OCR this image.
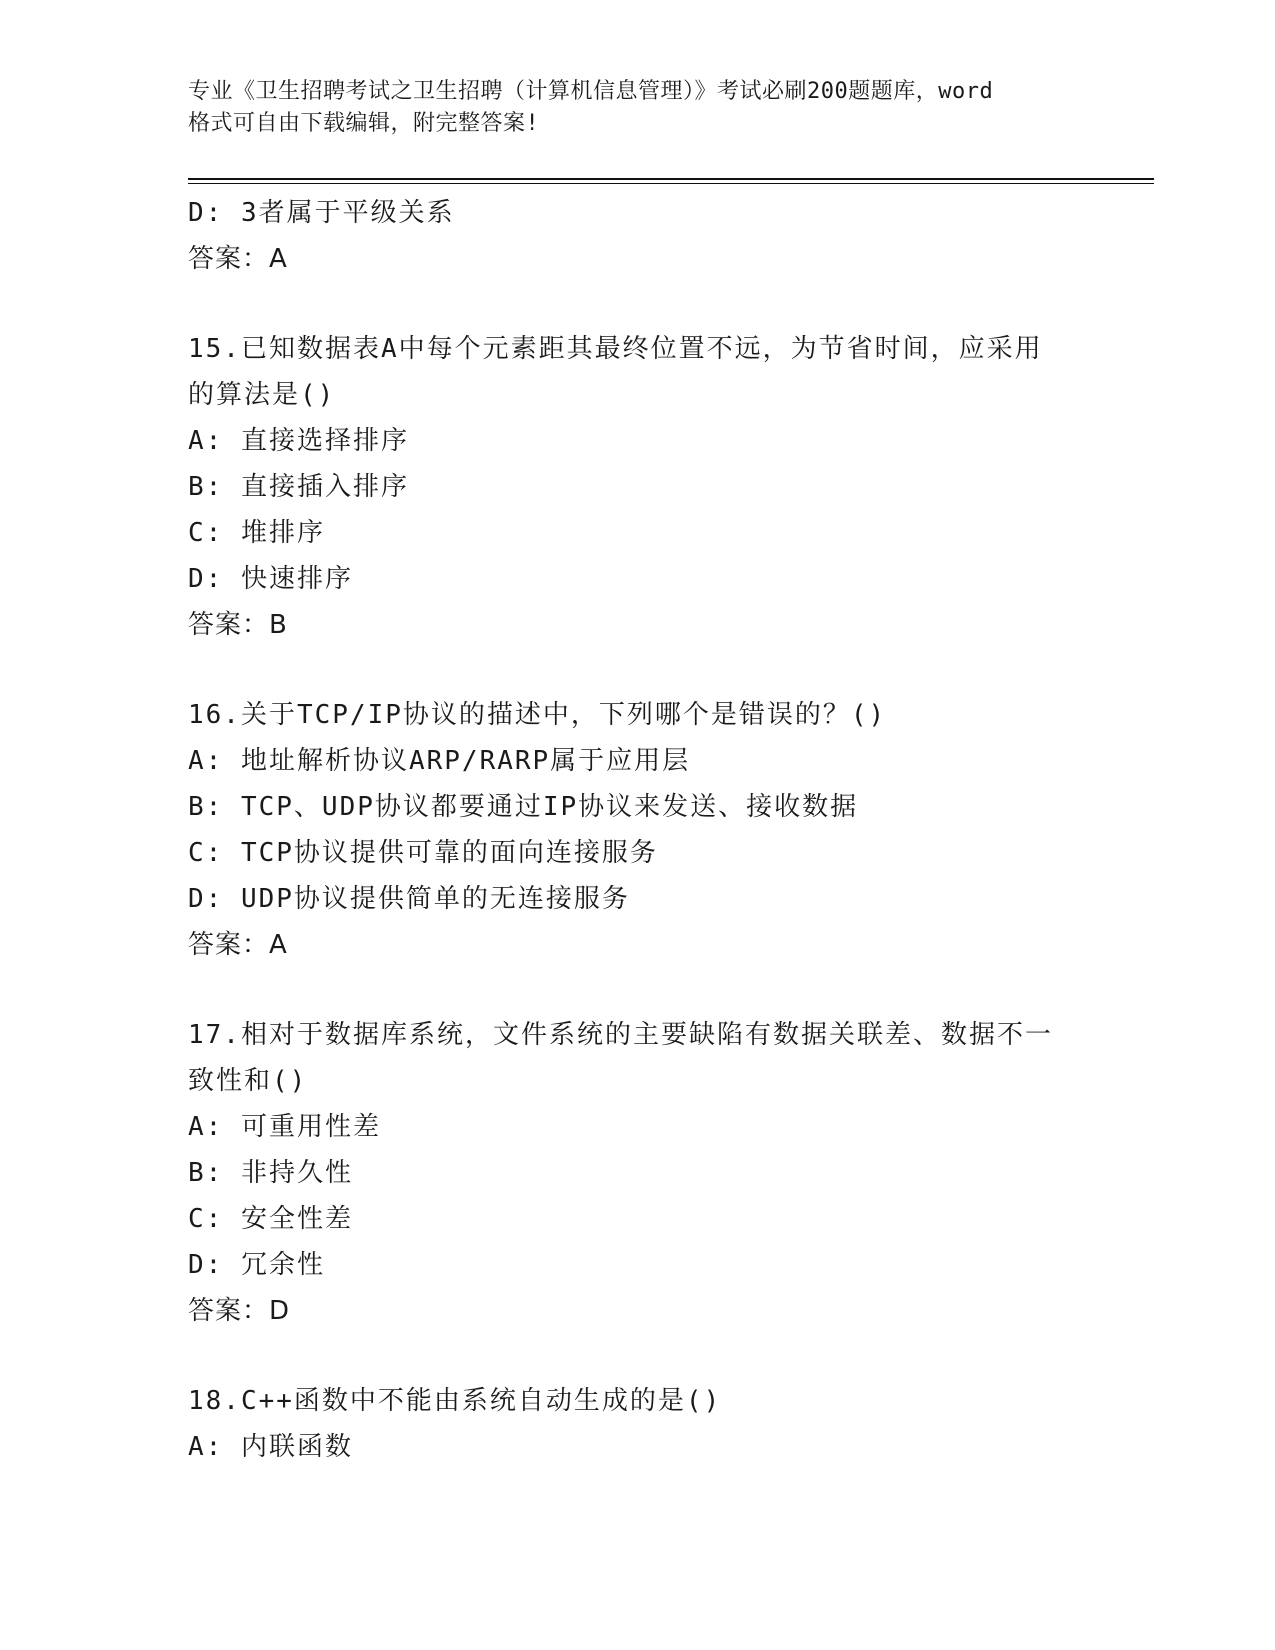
专业《卫生招聘考试之卫生招聘（计算机信息管理）》考试必刷200题题库，word
格式可自由下载编辑，附完整答案!
D: 3者属于平级关系
答案：A
15.已知数据表A中每个元素距其最终位置不远，为节省时间，应采用
的算法是()
A: 直接选择排序
B: 直接插入排序
C: 堆排序
D: 快速排序
答案：B
16.关于TCP/IP协议的描述中，下列哪个是错误的？()
A: 地址解析协议ARP/RARP属于应用层
B: TCP、UDP协议都要通过IP协议来发送、接收数据
C: TCP协议提供可靠的面向连接服务
D: UDP协议提供简单的无连接服务
答案：A
17.相对于数据库系统，文件系统的主要缺陷有数据关联差、数据不一
致性和()
A: 可重用性差
B: 非持久性
C: 安全性差
D: 冗余性
答案：D
18.C++函数中不能由系统自动生成的是()
A: 内联函数
